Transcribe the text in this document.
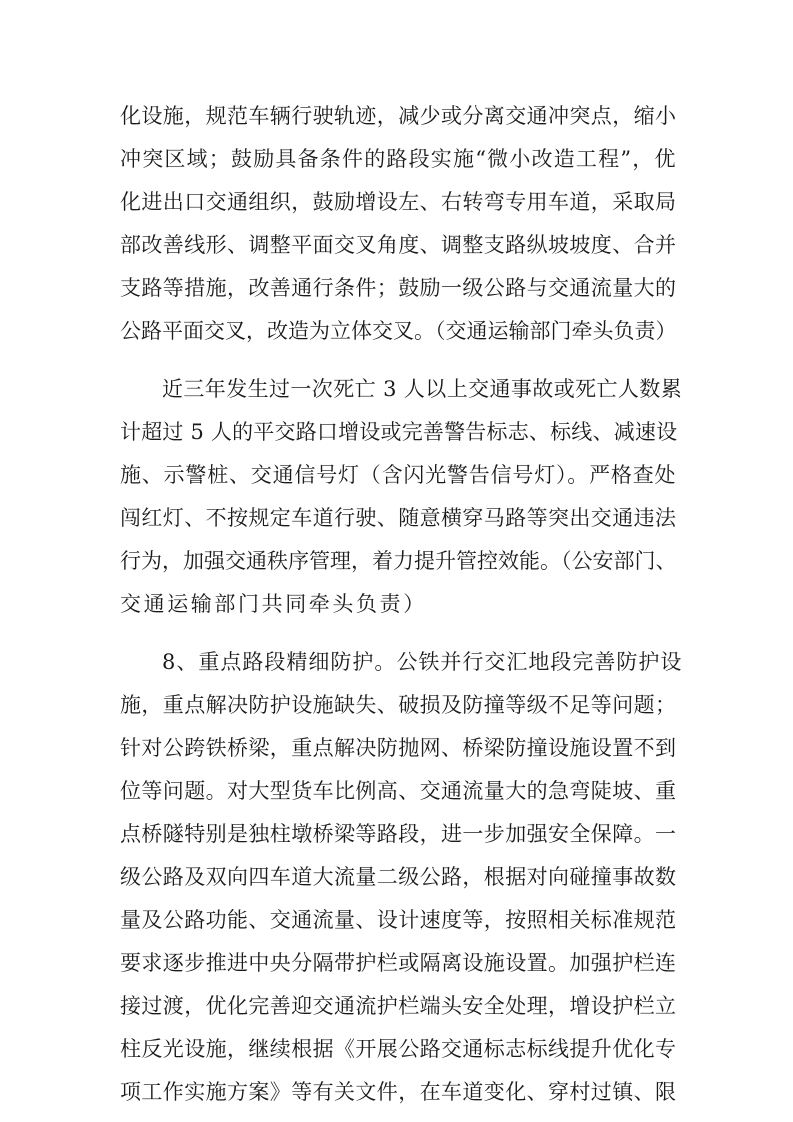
化设施，规范车辆行驶轨迹，减少或分离交通冲突点，缩小
冲突区域；鼓励具备条件的路段实施“微小改造工程”，优
化进出口交通组织，鼓励增设左、右转弯专用车道，采取局
部改善线形、调整平面交叉角度、调整支路纵坡坡度、合并
支路等措施，改善通行条件；鼓励一级公路与交通流量大的
公路平面交叉，改造为立体交叉。（交通运输部门牵头负责）
近三年发生过一次死亡 3 人以上交通事故或死亡人数累
计超过 5 人的平交路口增设或完善警告标志、标线、减速设
施、示警桩、交通信号灯（含闪光警告信号灯）。严格查处
闯红灯、不按规定车道行驶、随意横穿马路等突出交通违法
行为，加强交通秩序管理，着力提升管控效能。（公安部门、
交通运输部门共同牵头负责）
8、重点路段精细防护。公铁并行交汇地段完善防护设
施，重点解决防护设施缺失、破损及防撞等级不足等问题；
针对公跨铁桥梁，重点解决防抛网、桥梁防撞设施设置不到
位等问题。对大型货车比例高、交通流量大的急弯陡坡、重
点桥隧特别是独柱墩桥梁等路段，进一步加强安全保障。一
级公路及双向四车道大流量二级公路，根据对向碰撞事故数
量及公路功能、交通流量、设计速度等，按照相关标准规范
要求逐步推进中央分隔带护栏或隔离设施设置。加强护栏连
接过渡，优化完善迎交通流护栏端头安全处理，增设护栏立
柱反光设施，继续根据《开展公路交通标志标线提升优化专
项工作实施方案》等有关文件，在车道变化、穿村过镇、限
